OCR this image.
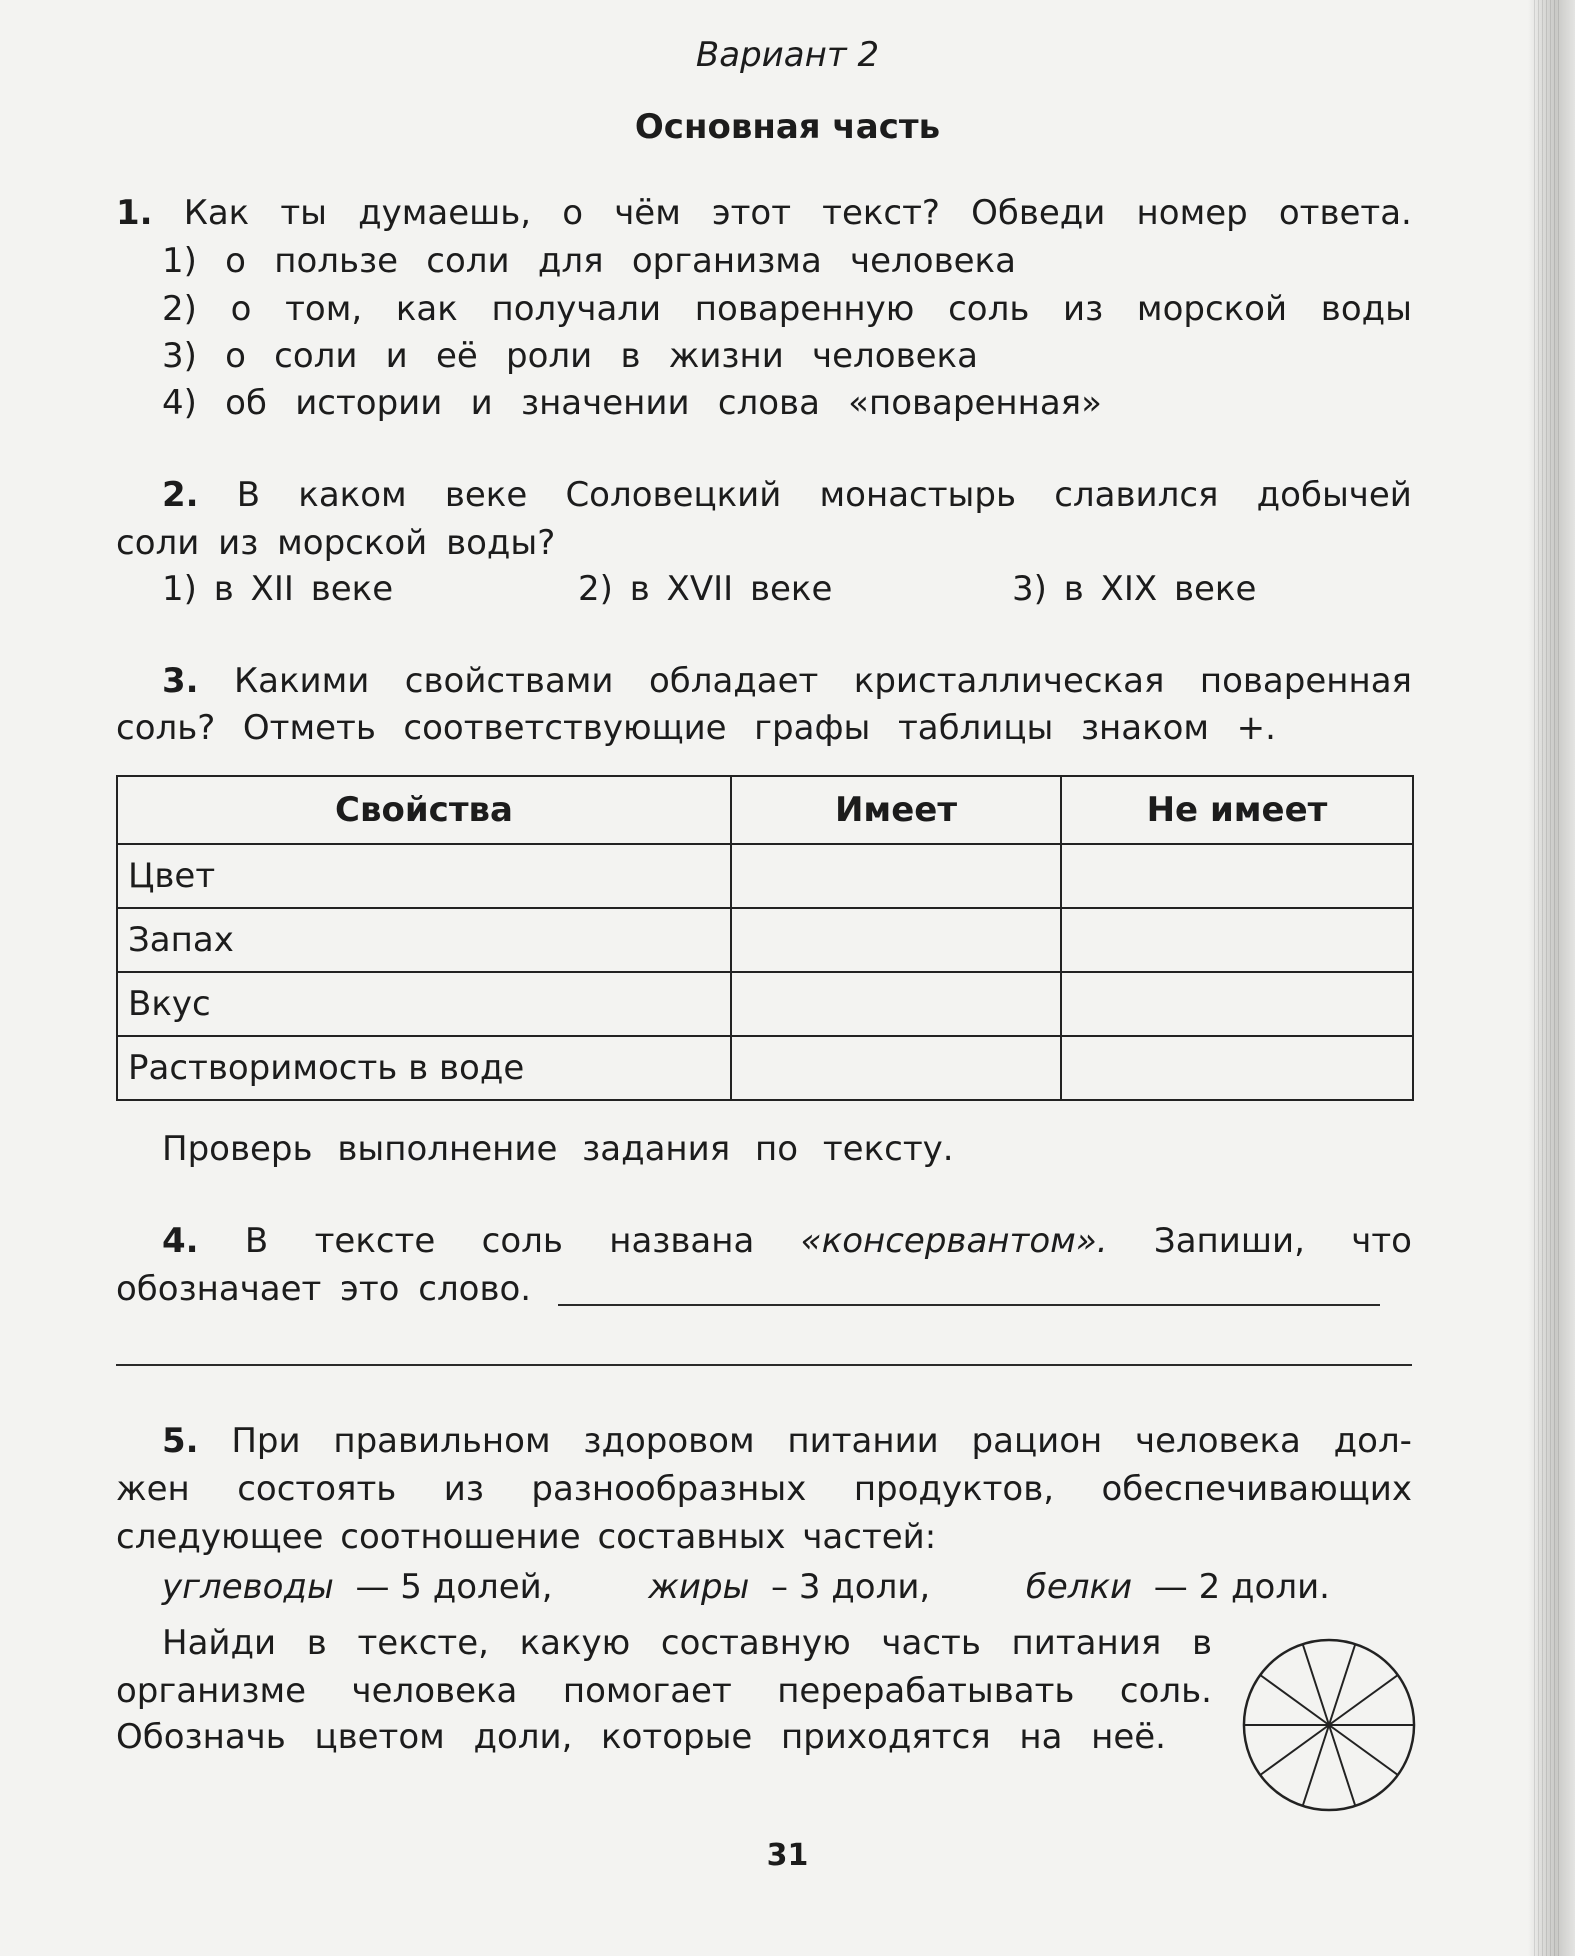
Вариант 2
Основная часть
1. Как ты думаешь, о чём этот текст? Обведи номер ответа.
1) о пользе соли для организма человека
2) о том, как получали поваренную соль из морской воды
3) о соли и её роли в жизни человека
4) об истории и значении слова «поваренная»
2. В каком веке Соловецкий монастырь славился добычей
соли из морской воды?
1) в XII веке	2) в XVII веке	3) в XIX веке
3. Какими свойствами обладает кристаллическая поваренная
соль? Отметь соответствующие графы таблицы знаком +.
Свойства	Имеет	Не имеет
Цвет		
Запах		
Вкус		
Растворимость в воде		
Проверь выполнение задания по тексту.
4. В тексте соль названа «консервантом». Запиши, что
обозначает это слово.
5. При правильном здоровом питании рацион человека дол-
жен состоять из разнообразных продуктов, обеспечивающих
следующее соотношение составных частей:
углеводы — 5 долей,	жиры – 3 доли,	белки — 2 доли.
Найди в тексте, какую составную часть питания в
организме человека помогает перерабатывать соль.
Обозначь цветом доли, которые приходятся на неё.
31
